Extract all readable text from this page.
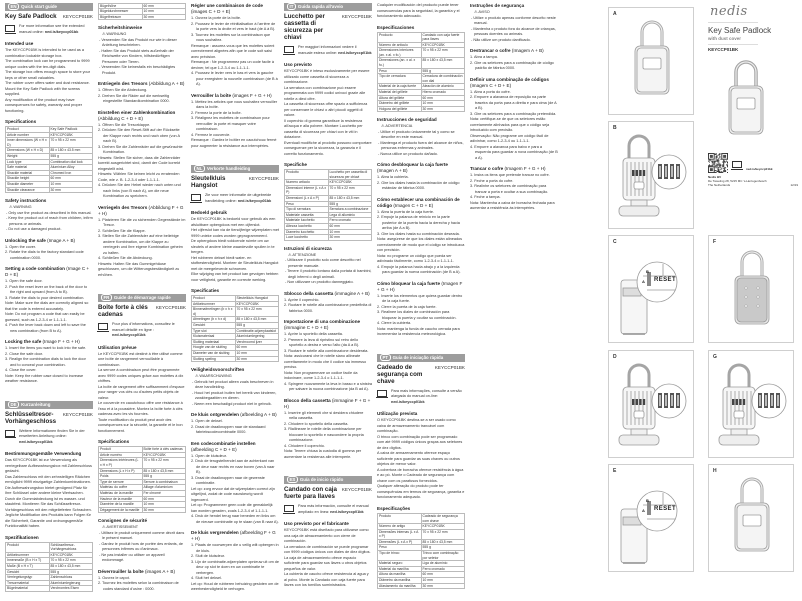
EN Quick start guide
Key Safe Padlock KEYCCP01BK
For more information see the extended manual online: ned.is/keyccp01bk
Intended use

The KEYCCP01BK is intended to be used as a combination lockable storage box.

The combination lock can be programmed to 9999 unique codes with the ten-digit dials.

The storage box offers enough space to store your keys or other small valuables.

The rubber cover offers water and dust resistance. Mount the Key Safe Padlock with the screws supplied.

Any modification of the product may have consequences for safety, warranty and proper functioning.

Specifications
Product	Key Safe Padlock
Article number	KEYCCP01BK
Inner dimensions (W x H x D)	70 x 95 x 22 mm
Dimensions (W x H x D)	85 x 180 x 43.5 mm
Weight	555 g
Lock type	Combination dial lock
Safe material	Aluminium Alloy
Shackle material	Chromed Iron
Shackle height	60 mm
Shackle diameter	10 mm
Shackle clearance	30 mm
Safety instructions
⚠ WARNING
- Only use the product as described in this manual.
- Keep the product out of reach from children, infirm persons or animals.
- Do not use a damaged product.
Unlocking the safe (Image A + B)
1. Open the cover.
2. Rotate the dials to the factory standard code combination 0000.
Setting a code combination (Image C + D + E)
1. Open the safe door.
2. Push the reset lever on the back of the door to the right and upward (from A to B).
3. Rotate the dials to your desired combination.
Note: Make sure the dials are correctly aligned so that the code is entered accurately.
Note: Do not program a code that can easily be guessed, such as 1-2-3-4 or 1-1-1-1.
4. Push the lever back down and left to save the new combination (from B to A).
Locking the safe (Image F + G + H)
1. Insert the items you want to lock into the safe.
2. Close the safe door.
3. Realign the combination dials to lock the door and to conceal your combination.
4. Close the cover.
Note: Keep the rubber case closed to increase weather resistance.
DE Kurzanleitung
Schlüsseltresor-Vorhängeschloss
KEYCCP01BK
Weitere Informationen finden Sie in der erweiterten Anleitung online: ned.is/keyccp01bk
Bestimmungsgemäße Verwendung

Das KEYCCP01BK ist zur Verwendung als verriegelbare Aufbewahrungsbox mit Zahlenschloss gedacht.

Das Zahlenschloss mit den zehnstelligen Rädchen ermöglicht 9999 einzigartige Zahlenkombinationen.

Die Aufbewahrungsbox bietet genügend Platz für Ihre Schlüssel oder andere kleine Wertsachen.

Durch die Gummiabdeckung ist es wasser- und staubfest. Montieren Sie das Schlüsseltresor-Vorhängeschloss mit den mitgelieferten Schrauben.

Jegliche Modifikation des Produkts kann Folgen für die Sicherheit, Garantie und ordnungsgemäße Funktionalität haben.

Spezifikationen
Produkt	Schlüsseltresor-Vorhängeschloss
Artikelnummer	KEYCCP01BK
Innenmaße (B x H x T)	70 x 95 x 22 mm
Maße (B x H x T)	85 x 180 x 43,5 mm
Gewicht	555 g
Verriegelungstyp	Zahlenschloss
Tresormaterial	Aluminiumlegierung
Bügelmaterial	Verchromtes Eisen
Bügelhöhe	60 mm
Bügeldurchmesser	10 mm
Bügelfreiraum	30 mm
Sicherheitshinweise
⚠ WARNUNG
- Verwenden Sie das Produkt nur wie in dieser Anleitung beschrieben.
- Halten Sie das Produkt stets außerhalb der Reichweite von Kindern, hilfsbedürftigen Personen oder Tieren.
- Verwenden Sie keinesfalls ein beschädigtes Produkt.
Entriegeln des Tresors (Abbildung A + B)
1. Öffnen Sie die Abdeckung.
2. Drehen Sie die Räder auf die werkseitig eingestellte Standardkombination 0000.
Einstellen einer Zahlenkombination (Abbildung C + D + E)
1. Öffnen Sie die Tresorklappe.
2. Drücken Sie den Reset-Stift auf der Rückseite der Klappe nach rechts und nach oben (von A nach B).
3. Drehen Sie die Zahlenräder auf die gewünschte Kombination.
Hinweis: Stellen Sie sicher, dass die Zahlenräder korrekt ausgerichtet sind, damit der Code korrekt eingestellt wird.
Hinweis: Wählen Sie keinen leicht zu erratenden Code, wie z. B. 1-2-3-4 oder 1-1-1-1.
4. Drücken Sie den Hebel wieder nach unten und nach links (von B nach A), um die neue Kombination zu speichern.
Verriegeln des Tresors (Abbildung F + G + H)
1. Platzieren Sie die zu sichernden Gegenstände im Tresor.
2. Schließen Sie die Klappe.
3. Stellen Sie die Zahlenräder auf eine beliebige andere Kombination, um die Klappe zu verriegeln und Ihre eigene Kombination geheim zu halten.
4. Schließen Sie die Abdeckung.
Hinweis: Halten Sie das Gummigehäuse geschlossen, um die Witterungsbeständigkeit zu erhöhen.
FR Guide de démarrage rapide
Boîte forte à clés cadenas
KEYCCP01BK
Pour plus d'informations, consultez le manuel détaillé en ligne : ned.is/keyccp01bk
Utilisation prévue

Le KEYCCP01BK est destiné à être utilisé comme une boîte de rangement verrouillable à combinaison.

La serrure à combinaison peut être programmée avec 9999 codes uniques grâce aux molettes à dix chiffres.

La boîte de rangement offre suffisamment d'espace pour ranger vos clés ou d'autres petits objets de valeur.

Le couvercle en caoutchouc offre une résistance à l'eau et à la poussière. Montez la boîte forte à clés cadenas avec les vis fournies.

Toute modification du produit peut avoir des conséquences sur la sécurité, la garantie et le bon fonctionnement.

Spécifications
Produit	Boîte forte à clés cadenas
Article numéro	KEYCCP01BK
Dimensions intérieures (L x H x P)	70 x 95 x 22 mm
Dimensions (L x H x P)	85 x 180 x 43,5 mm
Poids	555 g
Type de serrure	Serrure à combinaison
Matériau du coffre	Alliage d'aluminium
Matériau de la manille	Fer chromé
Hauteur de la manille	60 mm
Diamètre de la manille	10 mm
Dégagement de la manille	30 mm
Consignes de sécurité
⚠ AVERTISSEMENT
- Utilisez le produit uniquement comme décrit dans le présent manuel.
- Gardez le produit hors de portée des enfants, de personnes infirmes ou d'animaux.
- Ne pas installer ou utiliser un appareil endommagé.
Déverrouiller la boîte (images A + B)
1. Ouvrez le capot.
2. Tournez les molettes selon la combinaison de codes standard d'usine : 0000.
Régler une combinaison de code (images C + D + E)
1. Ouvrez la porte de la boîte.
2. Poussez le levier de réinitialisation à l'arrière de la porte vers la droite et vers le haut (de A à B).
3. Tournez les molettes sur la combinaison que vous souhaitez.
Remarque : assurez-vous que les molettes soient correctement alignées afin que le code soit saisi avec précision.
Remarque : Ne programmez pas un code facile à deviner, tel que 1-2-3-4 ou 1-1-1-1.
4. Poussez le levier vers le bas et vers la gauche pour enregistrer la nouvelle combinaison (de B à A).
Verrouiller la boîte (images F + G + H)
1. Mettez les articles que vous souhaitez verrouiller dans la boîte.
2. Fermez la porte de la boîte.
3. Réalignez les molettes de combinaison pour verrouiller la porte et masquer votre combinaison.
4. Fermez le couvercle.
Remarque : Gardez le boîtier en caoutchouc fermé pour augmenter la résistance aux intempéries.
NL Verkorte handleiding
Sleutelkluis Hangslot
KEYCCP01BK
Zie voor meer informatie de uitgebreide handleiding online: ned.is/keyccp01bk
Bedoeld gebruik

De KEYCCP01BK is bedoeld voor gebruik als een afsluitbare opbergdoos met een cijferslot.

Het cijferslot kan via de tiencijferige wijzerplaten met 9999 unieke codes worden geprogrammeerd.

De opbergdoos biedt voldoende ruimte om uw sleutels of andere kleine waardevolle spullen in te bergen.

Het rubberen deksel biedt water- en stofbestendigheid. Monteer de Sleutelkluis Hangslot met de meegeleverde schroeven.

Elke wijziging van het product kan gevolgen hebben voor veiligheid, garantie en correcte werking.

Specificaties
Product	Sleutelkluis Hangslot
Artikelnummer	KEYCCP01BK
Binnenafmetingen (b x h x d)	70 x 95 x 22 mm
Afmetingen (b x h x d)	85 x 180 x 43,5 mm
Gewicht	555 g
Type slot	Combinatie-wijzerplaatslot
Kluismateriaal	Aluminiumlegering
Sluiting materiaal	Verchroomd ijzer
Hoogte van de sluiting	60 mm
Diameter van de sluiting	10 mm
Sluiting speling	30 mm
Veiligheidsvoorschriften
⚠ WAARSCHUWING
- Gebruik het product alleen zoals beschreven in deze handleiding.
- Houd het product buiten het bereik van kinderen, zwakbegaafden en dieren.
- Neem een beschadigd product niet in gebruik.
De kluis ontgrendelen (afbeelding A + B)
1. Open de deksel.
2. Draai de draaiknoppen naar de standaard fabriekscodecombinatie 0000.
Een codecombinatie instellen (afbeelding C + D + E)
1. Open de kluisdeur.
2. Druk de terugstelhendel aan de achterkant van de deur naar rechts en naar boven (van A naar B).
3. Draai de draaiknoppen naar de gewenste combinatie.
Let op: zorg ervoor dat de wijzerplaten correct zijn uitgelijnd, zodat de code nauwkeurig wordt ingevoerd.
Let op: Programmeer geen code die gemakkelijk kan worden geraden, zoals 1-2-3-4 of 1-1-1-1.
4. Druk de hendel terug naar beneden en links om de nieuwe combinatie op te slaan (van B naar A).
De kluis vergrendelen (afbeelding F + G + H)
1. Plaats de voorwerpen die u veilig wilt opbergen in de kluis.
2. Sluit de kluisdeur.
3. Lijn de combinatie-wijzerplaten opnieuw uit om de deur op slot te doen en uw combinatie te verbergen.
4. Sluit het deksel.
Let op: Houd de rubberen behuizing gesloten om de weerbestendigheid te verhogen.
IT Guida rapida all'avvio
Lucchetto per cassetta di sicurezza per chiavi
KEYCCP01BK
Per maggiori informazioni vedere il manuale esteso online: ned.is/keyccp01bk
Uso previsto

KEYCCP01BK è inteso esclusivamente per essere utilizzato come cassetta di sicurezza a combinazione.

La serratura con combinazione può essere programmata con 9999 codici univoci grazie alle rotelle a dieci cifre.

La cassetta di sicurezza offre spazio a sufficienza per conservare le chiavi o altri piccoli oggetti di valore.

Il coperchio di gomma garantisce la resistenza all'acqua e alla polvere. Montare Lucchetto per cassetta di sicurezza per chiavi con le viti in dotazione.

Eventuali modifiche al prodotto possono comportare conseguenze per la sicurezza, la garanzia e il corretto funzionamento.

Specifiche
Prodotto	Lucchetto per cassetta di sicurezza per chiavi
Numero articolo	KEYCCP01BK
Dimensioni interne (L x A x P)	70 x 95 x 22 mm
Dimensioni (L x A x P)	85 x 180 x 43,5 mm
Peso	555 g
Tipo di serratura	Serratura a combinazione
Materiale cassetta	Lega di alluminio
Materiale lucchetto	Ferro cromato
Altezza lucchetto	60 mm
Diametro lucchetto	10 mm
Luce lucchetto	30 mm
Istruzioni di sicurezza
⚠ ATTENZIONE
- Utilizzare il prodotto solo come descritto nel presente manuale.
- Tenere il prodotto lontano dalla portata di bambini, degli infermi o degli animali.
- Non utilizzare un prodotto danneggiato.
Sblocco della cassetta (immagine A + B)
1. Aprire il coperchio.
2. Ruotare le rotelle alla combinazione predefinita di fabbrica 0000.
Impostazione di una combinazione (immagine C + D + E)
1. Aprire lo sportello della cassetta.
2. Premere la leva di ripristino sul retro dello sportello a destra e verso l'alto (da A a B).
3. Ruotare le rotelle alla combinazione desiderata.
Nota: assicurarsi che le rotelle siano allineate correttamente in modo che il codice sia immesso preciso.
Nota: Non programmare un codice facile da indovinare, come 1-2-3-4 o 1-1-1-1.
4. Spingere nuovamente la leva in basso e a sinistra per salvare la nuova combinazione (da B ad A).
Blocco della cassetta (immagine F + G + H)
1. Inserire gli elementi che si desidera chiudere nella cassetta.
2. Chiudere lo sportello della cassetta.
3. Riallineare le rotelle della combinazione per bloccare lo sportello e nascondere la propria combinazione.
4. Chiudere il coperchio.
Nota: Tenere chiusa la custodia di gomma per aumentare la resistenza alle intemperie.
ES Guía de inicio rápido
Candado con caja fuerte para llaves
KEYCCP01BK
Para más información, consulte el manual ampliado en línea: ned.is/keyccp01bk
Uso previsto por el fabricante

KEYCCP01BK está diseñado para utilizarse como una caja de almacenamiento con cierre de combinación.

La cerradura de combinación se puede programar con 9999 códigos únicos con diales de diez dígitos.

La caja de almacenamiento ofrece espacio suficiente para guardar sus llaves u otros objetos pequeños de valor.

La cubierta de caucho ofrece resistencia al agua y al polvo. Monte la Candado con caja fuerte para llaves con los tornillos suministrados.

Cualquier modificación del producto puede tener consecuencias para la seguridad, la garantía y el funcionamiento adecuado.

Especificaciones
Producto	Candado con caja fuerte para llaves
Número de artículo	KEYCCP01BK
Dimensiones interiores (an. x al. x fo.)	70 x 95 x 22 mm
Dimensiones (an. x al. x fo.)	85 x 180 x 43,5 mm
Peso	555 g
Tipo de cerradura	Cerradura de combinación con dial
Material de la caja fuerte	Aleación de aluminio
Material del grillete	Hierro cromado
Altura del grillete	60 mm
Diámetro del grillete	10 mm
Holgura del grillete	30 mm
Instrucciones de seguridad
⚠ ADVERTENCIA
- Utilice el producto únicamente tal y como se describe en este manual.
- Mantenga el producto fuera del alcance de niños, personas enfermas y animales.
- Nunca utilice un producto dañado.
Cómo desbloquear la caja fuerte (Imagen A + B)
1. Abra la cubierta.
2. Gire los diales hasta la combinación de código estándar de fábrica 0000.
Cómo establecer una combinación de código (Imagen C + D + E)
1. Abra la puerta de la caja fuerte.
2. Empuje la palanca de reinicio en la parte posterior de la puerta hacia la derecha y hacia arriba (de A a B).
3. Gire los diales hasta su combinación deseada.
Nota: asegúrese de que los diales están alineados correctamente de modo que el código se introduzca con precisión.
Nota: no programe un código que pueda ser adivinado fácilmente, como 1-2-3-4 o 1-1-1-1.
4. Empuje la palanca hacia abajo y a la izquierda para guardar la nueva combinación (de B a A).
Cómo bloquear la caja fuerte (Imagen F + G + H)
1. Inserte los elementos que quiera guardar dentro de la caja fuerte.
2. Cierre la puerta de la caja fuerte.
3. Realinee los diales de combinación para bloquear la puerta y ocultar su combinación.
4. Cierre la cubierta.
Nota: mantenga la funda de caucho cerrada para incrementar la resistencia meteorológica.
PT Guia de iniciação rápida
Cadeado de segurança com chave
KEYCCP01BK
Para mais informações, consulte a versão alargada do manual on-line: ned.is/keyccp01bk
Utilização prevista

O KEYCCP01BK destina-se a ser usado como caixa de armazenamento trancável com combinação.

O trinco com combinação pode ser programado com até 9999 códigos únicos graças aos seletores de dez dígitos.

A caixa de armazenamento oferece espaço suficiente para guardar as suas chaves ou outros objetos de menor valor.

A cobertura de borracha oferece resistência à água e ao pó. Monte o Cadeado de segurança com chave com os parafusos fornecidos.

Qualquer alteração do produto pode ter consequências em termos de segurança, garantia e funcionamento adequado.

Especificações
Produto	Cadeado de segurança com chave
Número de artigo	KEYCCP01BK
Dimensões internas (L x A x P)	70 x 95 x 22 mm
Dimensões (L x A x P)	85 x 180 x 43,5 mm
Peso	555 g
Tipo de trinco	Trinco com combinação por seletor
Material seguro	Liga de alumínio
Material da manilha	Ferro cromado
Altura da manilha	60 mm
Diâmetro da manilha	10 mm
Afastamento da manilha	30 mm
Instruções de segurança
⚠ AVISO
- Utilize o produto apenas conforme descrito neste manual.
- Mantenha o produto fora do alcance de crianças, pessoas doentes ou animais.
- Não utilize um produto danificado.
Destrancar o cofre (Imagem A + B)
1. Abra a tampa.
2. Gire os seletores para a combinação de código padrão de fábrica 0000.
Definir uma combinação de códigos (Imagem C + D + E)
1. Abra a porta do cofre.
2. Empurre a alavanca de reposição na parte traseira da porta para a direita e para cima (de A a B).
3. Gire os seletores para a combinação pretendida.
Nota: certifique-se de que os seletores estão corretamente alinhados para que o código seja introduzido com precisão.
Observação: Não programe um código fácil de adivinhar, como 1-2-3-4 ou 1-1-1-1.
4. Empurre a alavanca para baixo e para a esquerda para guardar a nova combinação (de B a A).
Trancar o cofre (Imagem F + G + H)
1. Insira os itens que pretende trancar no cofre.
2. Feche a porta do cofre.
3. Realinhe os seletores de combinação para trancar a porta e ocultar a sua combinação.
4. Feche a tampa.
Nota: Mantenha a caixa de borracha fechada para aumentar a resistência às intempéries.
A
B
C
RESET
A
B
D
E
RESET
A
B
F
G
H
nedis
Key Safe Padlock
with dust cover
KEYCCP01BK
ned.is/keyccp01bk
Nedis BV
De Tweeling 28, 5215 MC 's-Hertogenbosch
The Netherlands	12/19
